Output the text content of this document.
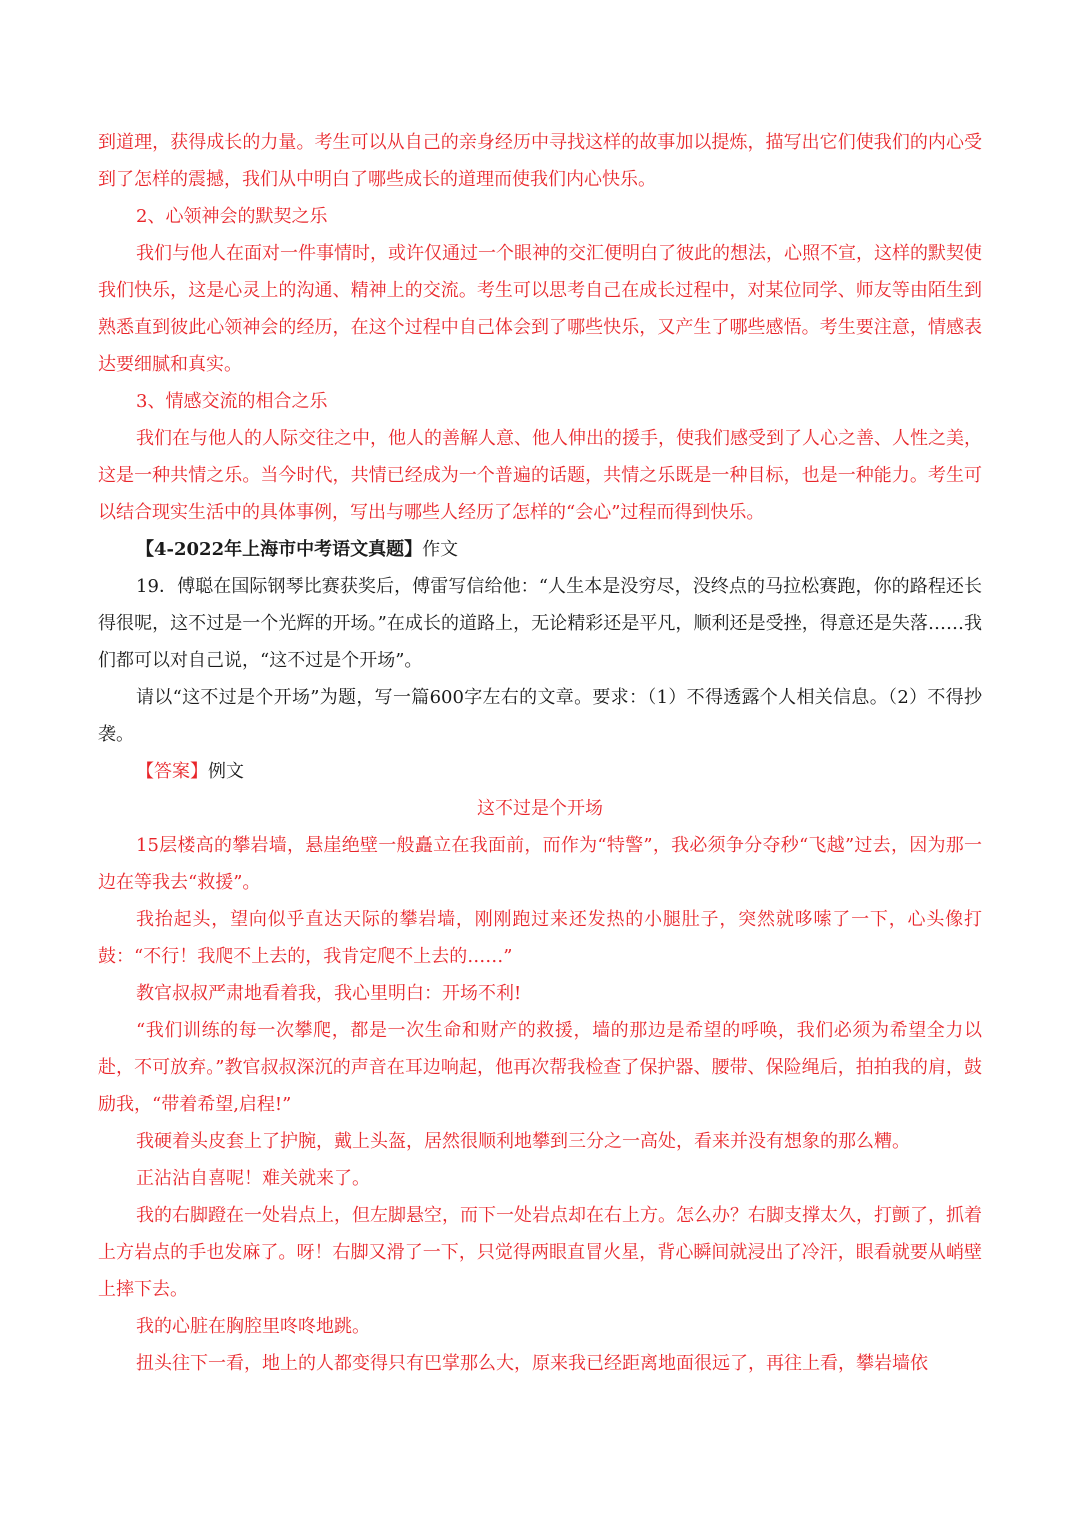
到道理，获得成长的力量。考生可以从自己的亲身经历中寻找这样的故事加以提炼，描写出它们使我们的内心受到了怎样的震撼，我们从中明白了哪些成长的道理而使我们内心快乐。

2、心领神会的默契之乐

我们与他人在面对一件事情时，或许仅通过一个眼神的交汇便明白了彼此的想法，心照不宣，这样的默契使我们快乐，这是心灵上的沟通、精神上的交流。考生可以思考自己在成长过程中，对某位同学、师友等由陌生到熟悉直到彼此心领神会的经历，在这个过程中自己体会到了哪些快乐，又产生了哪些感悟。考生要注意，情感表达要细腻和真实。

3、情感交流的相合之乐

我们在与他人的人际交往之中，他人的善解人意、他人伸出的援手，使我们感受到了人心之善、人性之美，这是一种共情之乐。当今时代，共情已经成为一个普遍的话题，共情之乐既是一种目标，也是一种能力。考生可以结合现实生活中的具体事例，写出与哪些人经历了怎样的“会心”过程而得到快乐。

【4-2022年上海市中考语文真题】作文

19．傅聪在国际钢琴比赛获奖后，傅雷写信给他：“人生本是没穷尽，没终点的马拉松赛跑，你的路程还长得很呢，这不过是一个光辉的开场。”在成长的道路上，无论精彩还是平凡，顺利还是受挫，得意还是失落……我们都可以对自己说，“这不过是个开场”。

请以“这不过是个开场”为题，写一篇600字左右的文章。要求：（1）不得透露个人相关信息。（2）不得抄袭。

【答案】例文

这不过是个开场

15层楼高的攀岩墙，悬崖绝壁一般矗立在我面前，而作为“特警”，我必须争分夺秒“飞越”过去，因为那一边在等我去“救援”。

我抬起头，望向似乎直达天际的攀岩墙，刚刚跑过来还发热的小腿肚子，突然就哆嗦了一下，心头像打鼓：“不行！我爬不上去的，我肯定爬不上去的……”

教官叔叔严肃地看着我，我心里明白：开场不利!

“我们训练的每一次攀爬，都是一次生命和财产的救援，墙的那边是希望的呼唤，我们必须为希望全力以赴，不可放弃。”教官叔叔深沉的声音在耳边响起，他再次帮我检查了保护器、腰带、保险绳后，拍拍我的肩，鼓励我，“带着希望,启程!”

我硬着头皮套上了护腕，戴上头盔，居然很顺利地攀到三分之一高处，看来并没有想象的那么糟。

正沾沾自喜呢！难关就来了。

我的右脚蹬在一处岩点上，但左脚悬空，而下一处岩点却在右上方。怎么办？右脚支撑太久，打颤了，抓着上方岩点的手也发麻了。呀！右脚又滑了一下，只觉得两眼直冒火星，背心瞬间就浸出了冷汗，眼看就要从峭壁上摔下去。

我的心脏在胸腔里咚咚地跳。

扭头往下一看，地上的人都变得只有巴掌那么大，原来我已经距离地面很远了，再往上看，攀岩墙依
